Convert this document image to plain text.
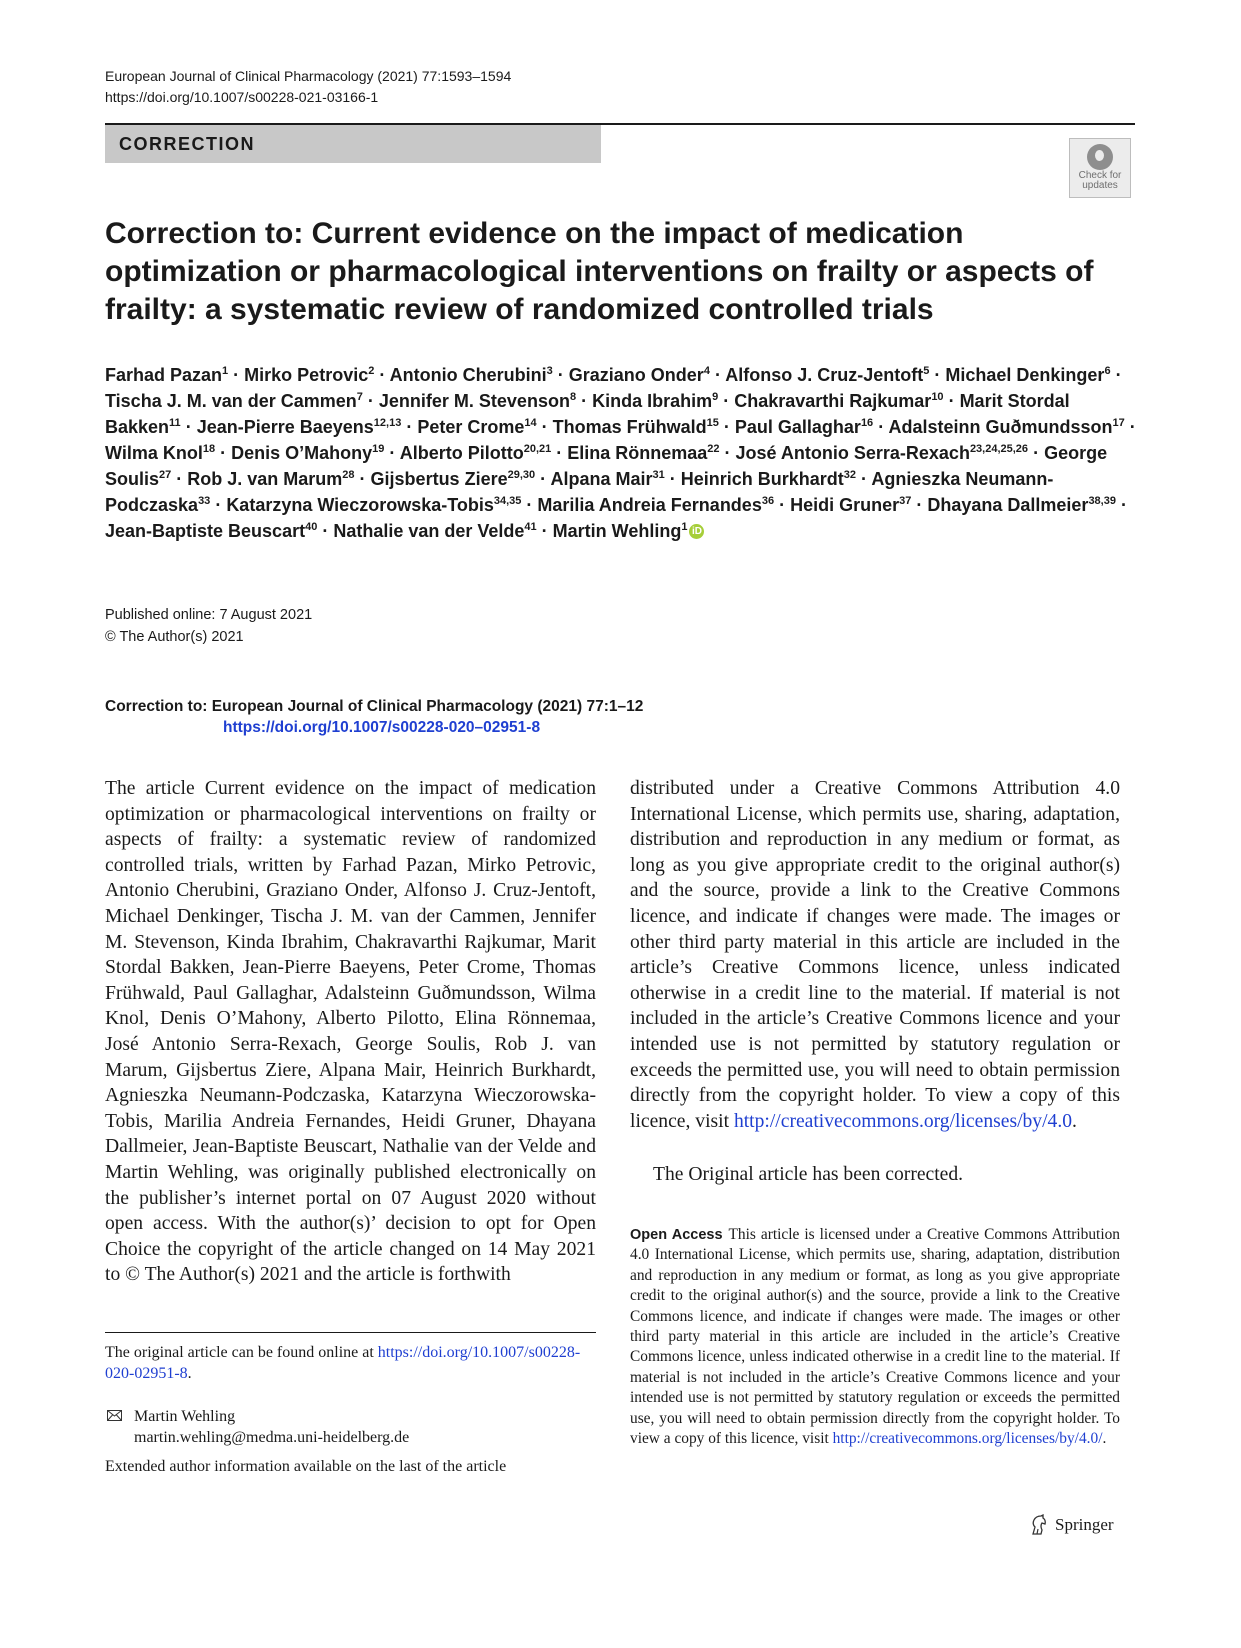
European Journal of Clinical Pharmacology (2021) 77:1593–1594
https://doi.org/10.1007/s00228-021-03166-1
CORRECTION
Check for
updates
Correction to: Current evidence on the impact of medication optimization or pharmacological interventions on frailty or aspects of frailty: a systematic review of randomized controlled trials
Farhad Pazan$^1$ · Mirko Petrovic$^2$ · Antonio Cherubini$^3$ · Graziano Onder$^4$ · Alfonso J. Cruz-Jentoft$^5$ · Michael Denkinger$^6$ · Tischa J. M. van der Cammen$^7$ · Jennifer M. Stevenson$^8$ · Kinda Ibrahim$^9$ · Chakravarthi Rajkumar$^{10}$ · Marit Stordal Bakken$^{11}$ · Jean-Pierre Baeyens$^{12,13}$ · Peter Crome$^{14}$ · Thomas Frühwald$^{15}$ · Paul Gallaghar$^{16}$ · Adalsteinn Guðmundsson$^{17}$ · Wilma Knol$^{18}$ · Denis O’Mahony$^{19}$ · Alberto Pilotto$^{20,21}$ · Elina Rönnemaa$^{22}$ · José Antonio Serra-Rexach$^{23,24,25,26}$ · George Soulis$^{27}$ · Rob J. van Marum$^{28}$ · Gijsbertus Ziere$^{29,30}$ · Alpana Mair$^{31}$ · Heinrich Burkhardt$^{32}$ · Agnieszka Neumann-Podczaska$^{33}$ · Katarzyna Wieczorowska-Tobis$^{34,35}$ · Marilia Andreia Fernandes$^{36}$ · Heidi Gruner$^{37}$ · Dhayana Dallmeier$^{38,39}$ · Jean-Baptiste Beuscart$^{40}$ · Nathalie van der Velde$^{41}$ · Martin Wehling$^1$ iD
Published online: 7 August 2021
© The Author(s) 2021
Correction to: European Journal of Clinical Pharmacology (2021) 77:1–12
https://doi.org/10.1007/s00228-020–02951-8
The article Current evidence on the impact of medication optimization or pharmacological interventions on frailty or aspects of frailty: a systematic review of randomized controlled trials, written by Farhad Pazan, Mirko Petrovic, Antonio Cherubini, Graziano Onder, Alfonso J. Cruz-Jentoft, Michael Denkinger, Tischa J. M. van der Cammen, Jennifer M. Stevenson, Kinda Ibrahim, Chakravarthi Rajkumar, Marit Stordal Bakken, Jean-Pierre Baeyens, Peter Crome, Thomas Frühwald, Paul Gallaghar, Adalsteinn Guðmundsson, Wilma Knol, Denis O’Mahony, Alberto Pilotto, Elina Rönnemaa, José Antonio Serra-Rexach, George Soulis, Rob J. van Marum, Gijsbertus Ziere, Alpana Mair, Heinrich Burkhardt, Agnieszka Neumann-Podczaska, Katarzyna Wieczorowska-Tobis, Marilia Andreia Fernandes, Heidi Gruner, Dhayana Dallmeier, Jean-Baptiste Beuscart, Nathalie van der Velde and Martin Wehling, was originally published electronically on the publisher’s internet portal on 07 August 2020 without open access. With the author(s)’ decision to opt for Open Choice the copyright of the article changed on 14 May 2021 to © The Author(s) 2021 and the article is forthwith
distributed under a Creative Commons Attribution 4.0 International License, which permits use, sharing, adaptation, distribution and reproduction in any medium or format, as long as you give appropriate credit to the original author(s) and the source, provide a link to the Creative Commons licence, and indicate if changes were made. The images or other third party material in this article are included in the article’s Creative Commons licence, unless indicated otherwise in a credit line to the material. If material is not included in the article’s Creative Commons licence and your intended use is not permitted by statutory regulation or exceeds the permitted use, you will need to obtain permission directly from the copyright holder. To view a copy of this licence, visit http://creativecommons.org/licenses/by/4.0.
The Original article has been corrected.
Open Access This article is licensed under a Creative Commons Attribution 4.0 International License, which permits use, sharing, adaptation, distribution and reproduction in any medium or format, as long as you give appropriate credit to the original author(s) and the source, provide a link to the Creative Commons licence, and indicate if changes were made. The images or other third party material in this article are included in the article’s Creative Commons licence, unless indicated otherwise in a credit line to the material. If material is not included in the article’s Creative Commons licence and your intended use is not permitted by statutory regulation or exceeds the permitted use, you will need to obtain permission directly from the copyright holder. To view a copy of this licence, visit http://creativecommons.org/licenses/by/4.0/.
The original article can be found online at https://doi.org/10.1007/s00228-020-02951-8.
Martin Wehling
martin.wehling@medma.uni-heidelberg.de
Extended author information available on the last of the article
Springer
